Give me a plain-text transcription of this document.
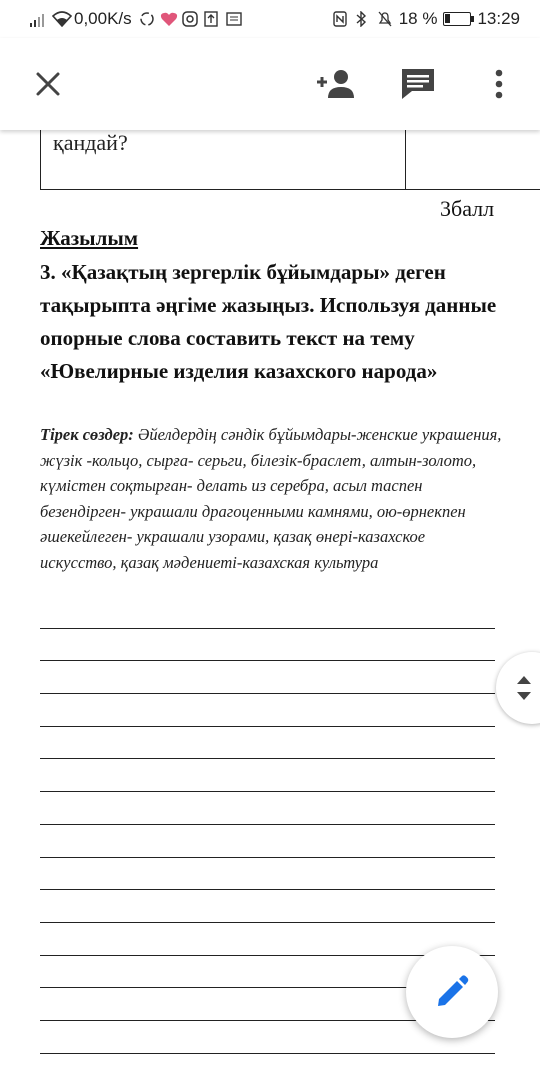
0,00K/s	18 % 13:29
қандай?
3балл
Жазылым
3. «Қазақтың зергерлік бұйымдары» деген тақырыпта әңгіме жазыңыз. Используя данные опорные слова составить текст на тему «Ювелирные изделия казахского народа»
Тірек сөздер: Әйелдердің сәндік бұйымдары-женские украшения, жүзік -кольцо, сырға- серьги, білезік-браслет, алтын-золото, күмістен соқтырған- делать из серебра, асыл таспен безендірген- украшали драгоценными камнями, ою-өрнекпен әшекейлеген- украшали узорами, қазақ өнері-казахское искусство, қазақ мәдениеті-казахская культура
